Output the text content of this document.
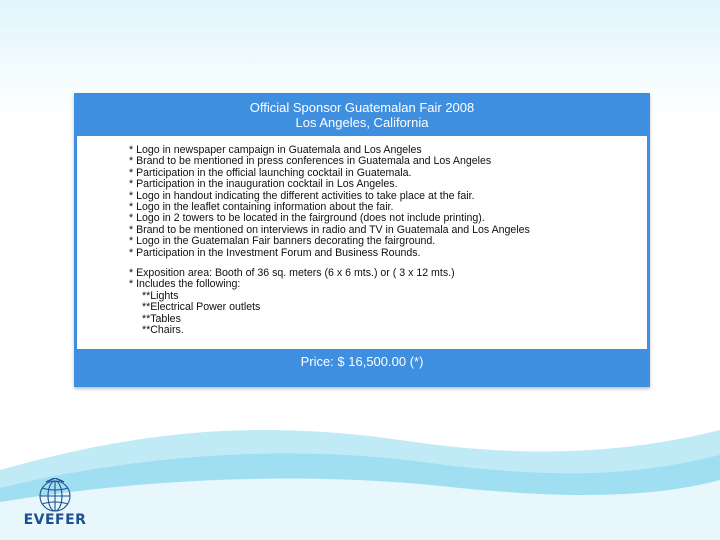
Official Sponsor Guatemalan Fair 2008
Los Angeles, California
* Logo in newspaper campaign in Guatemala and Los Angeles
* Brand to be mentioned in press conferences in Guatemala and Los Angeles
* Participation in the official launching cocktail in Guatemala.
* Participation in the inauguration cocktail in Los Angeles.
* Logo in handout indicating the different activities to take place at the fair.
* Logo in the leaflet containing information about the fair.
* Logo in 2 towers to be located in the fairground (does not include printing).
* Brand to be mentioned on interviews in radio and TV in Guatemala and Los Angeles
* Logo in the Guatemalan Fair banners decorating the fairground.
* Participation in the Investment Forum and Business Rounds.
* Exposition area: Booth of 36 sq. meters (6 x 6 mts.) or ( 3 x 12 mts.)
* Includes the following:
**Lights
**Electrical Power outlets
**Tables
**Chairs.
Price: $ 16,500.00 (*)
EVEFER
